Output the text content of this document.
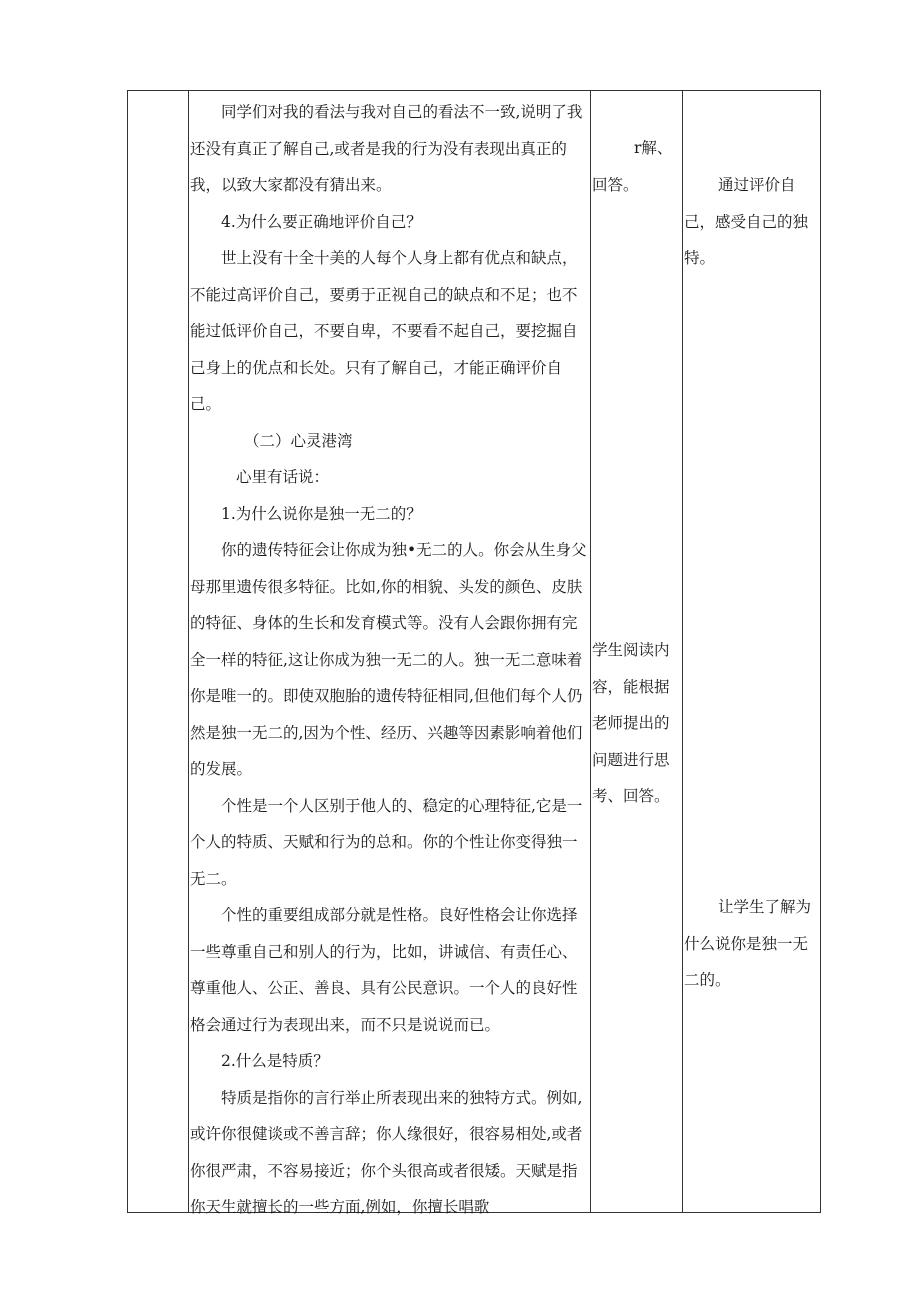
同学们对我的看法与我对自己的看法不一致,说明了我还没有真正了解自己,或者是我的行为没有表现出真正的我，以致大家都没有猜出来。

4.为什么要正确地评价自己？

世上没有十全十美的人每个人身上都有优点和缺点，不能过高评价自己，要勇于正视自己的缺点和不足；也不能过低评价自己，不要自卑，不要看不起自己，要挖掘自己身上的优点和长处。只有了解自己，才能正确评价自己。

（二）心灵港湾

心里有话说：

1.为什么说你是独一无二的？

你的遗传特征会让你成为独•无二的人。你会从生身父母那里遗传很多特征。比如,你的相貌、头发的颜色、皮肤的特征、身体的生长和发育模式等。没有人会跟你拥有完全一样的特征,这让你成为独一无二的人。独一无二意味着你是唯一的。即使双胞胎的遗传特征相同,但他们每个人仍然是独一无二的,因为个性、经历、兴趣等因素影响着他们的发展。

个性是一个人区别于他人的、稳定的心理特征,它是一个人的特质、天赋和行为的总和。你的个性让你变得独一无二。

个性的重要组成部分就是性格。良好性格会让你选择一些尊重自己和别人的行为，比如，讲诚信、有责任心、尊重他人、公正、善良、具有公民意识。一个人的良好性格会通过行为表现出来，而不只是说说而已。

2.什么是特质？

特质是指你的言行举止所表现出来的独特方式。例如,或许你很健谈或不善言辞；你人缘很好，很容易相处,或者你很严肃，不容易接近；你个头很高或者很矮。天赋是指你天生就擅长的一些方面,例如，你擅长唱歌

r解、回答。

学生阅读内容，能根据老师提出的问题进行思考、回答。

通过评价自己，感受自己的独特。

让学生了解为什么说你是独一无二的。
